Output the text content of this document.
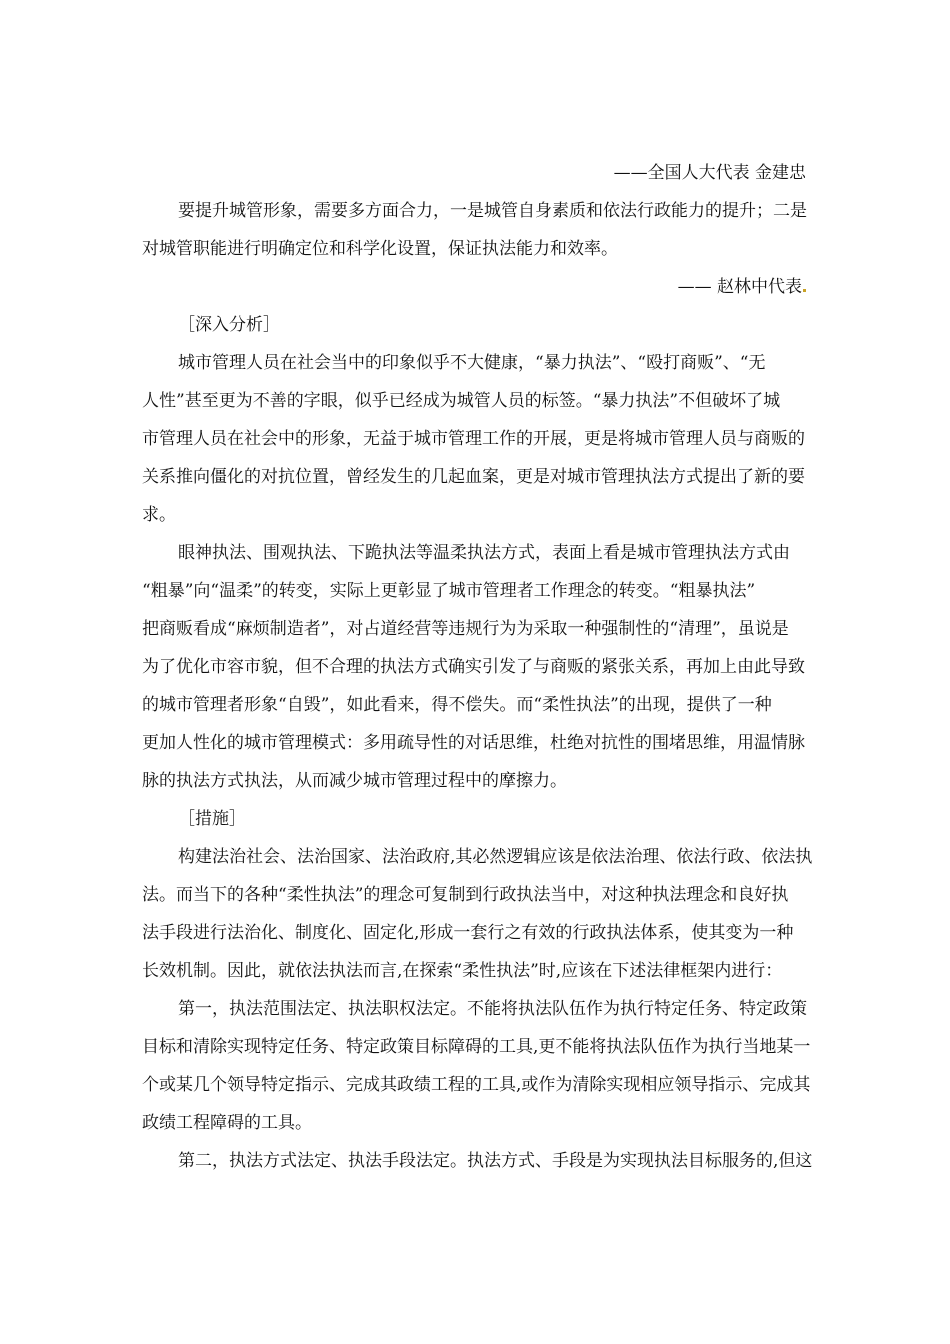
——全国人大代表 金建忠
要提升城管形象，需要多方面合力，一是城管自身素质和依法行政能力的提升；二是
对城管职能进行明确定位和科学化设置，保证执法能力和效率。
—— 赵林中代表
［深入分析］
城市管理人员在社会当中的印象似乎不大健康，“暴力执法”、“殴打商贩”、“无
人性”甚至更为不善的字眼，似乎已经成为城管人员的标签。“暴力执法”不但破坏了城
市管理人员在社会中的形象，无益于城市管理工作的开展，更是将城市管理人员与商贩的
关系推向僵化的对抗位置，曾经发生的几起血案，更是对城市管理执法方式提出了新的要
求。
眼神执法、围观执法、下跪执法等温柔执法方式，表面上看是城市管理执法方式由
“粗暴”向“温柔”的转变，实际上更彰显了城市管理者工作理念的转变。“粗暴执法”
把商贩看成“麻烦制造者”，对占道经营等违规行为为采取一种强制性的“清理”，虽说是
为了优化市容市貌，但不合理的执法方式确实引发了与商贩的紧张关系，再加上由此导致
的城市管理者形象“自毁”，如此看来，得不偿失。而“柔性执法”的出现，提供了一种
更加人性化的城市管理模式：多用疏导性的对话思维，杜绝对抗性的围堵思维，用温情脉
脉的执法方式执法，从而减少城市管理过程中的摩擦力。
［措施］
构建法治社会、法治国家、法治政府,其必然逻辑应该是依法治理、依法行政、依法执
法。而当下的各种“柔性执法”的理念可复制到行政执法当中，对这种执法理念和良好执
法手段进行法治化、制度化、固定化,形成一套行之有效的行政执法体系，使其变为一种
长效机制。因此，就依法执法而言,在探索“柔性执法”时,应该在下述法律框架内进行：
第一，执法范围法定、执法职权法定。不能将执法队伍作为执行特定任务、特定政策
目标和清除实现特定任务、特定政策目标障碍的工具,更不能将执法队伍作为执行当地某一
个或某几个领导特定指示、完成其政绩工程的工具,或作为清除实现相应领导指示、完成其
政绩工程障碍的工具。
第二，执法方式法定、执法手段法定。执法方式、手段是为实现执法目标服务的,但这
